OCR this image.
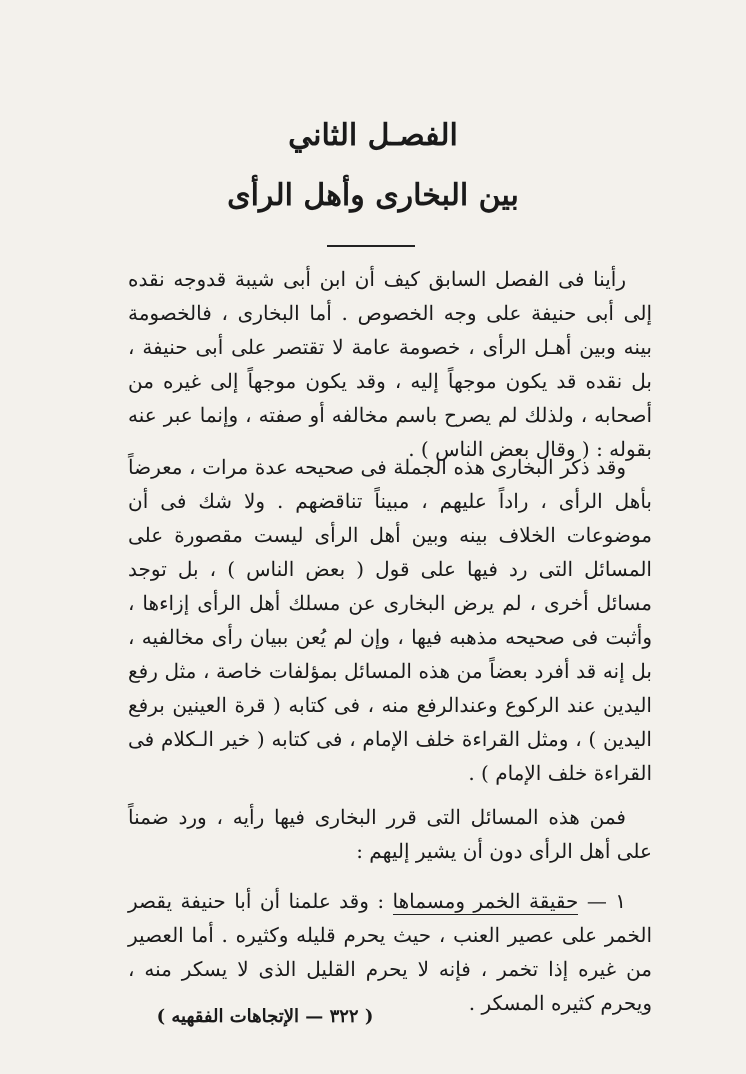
الفصـل الثاني
بين البخارى وأهل الرأى

رأينا فى الفصل السابق كيف أن ابن أبى شيبة قدوجه نقده إلى أبى حنيفة على وجه الخصوص . أما البخارى ، فالخصومة بينه وبين أهـل الرأى ، خصومة عامة لا تقتصر على أبى حنيفة ، بل نقده قد يكون موجهاً إليه ، وقد يكون موجهاً إلى غيره من أصحابه ، ولذلك لم يصرح باسم مخالفه أو صفته ، وإنما عبر عنه بقوله : ( وقال بعض الناس ) .

وقد ذكر البخارى هذه الجملة فى صحيحه عدة مرات ، معرضاً بأهل الرأى ، راداً عليهم ، مبيناً تناقضهم . ولا شك فى أن موضوعات الخلاف بينه وبين أهل الرأى ليست مقصورة على المسائل التى رد فيها على قول ( بعض الناس ) ، بل توجد مسائل أخرى ، لم يرض البخارى عن مسلك أهل الرأى إزاءها ، وأثبت فى صحيحه مذهبه فيها ، وإن لم يُعن ببيان رأى مخالفيه ، بل إنه قد أفرد بعضاً من هذه المسائل بمؤلفات خاصة ، مثل رفع اليدين عند الركوع وعندالرفع منه ، فى كتابه ( قرة العينين برفع اليدين ) ، ومثل القراءة خلف الإمام ، فى كتابه ( خير الـكلام فى القراءة خلف الإمام ) .

فمن هذه المسائل التى قرر البخارى فيها رأيه ، ورد ضمناً على أهل الرأى دون أن يشير إليهم :

١ — حقيقة الخمر ومسماها : وقد علمنا أن أبا حنيفة يقصر الخمر على عصير العنب ، حيث يحرم قليله وكثيره . أما العصير من غيره إذا تخمر ، فإنه لا يحرم القليل الذى لا يسكر منه ، ويحرم كثيره المسكر .

( ٣٢٢ — الإتجاهات الفقهيه )
